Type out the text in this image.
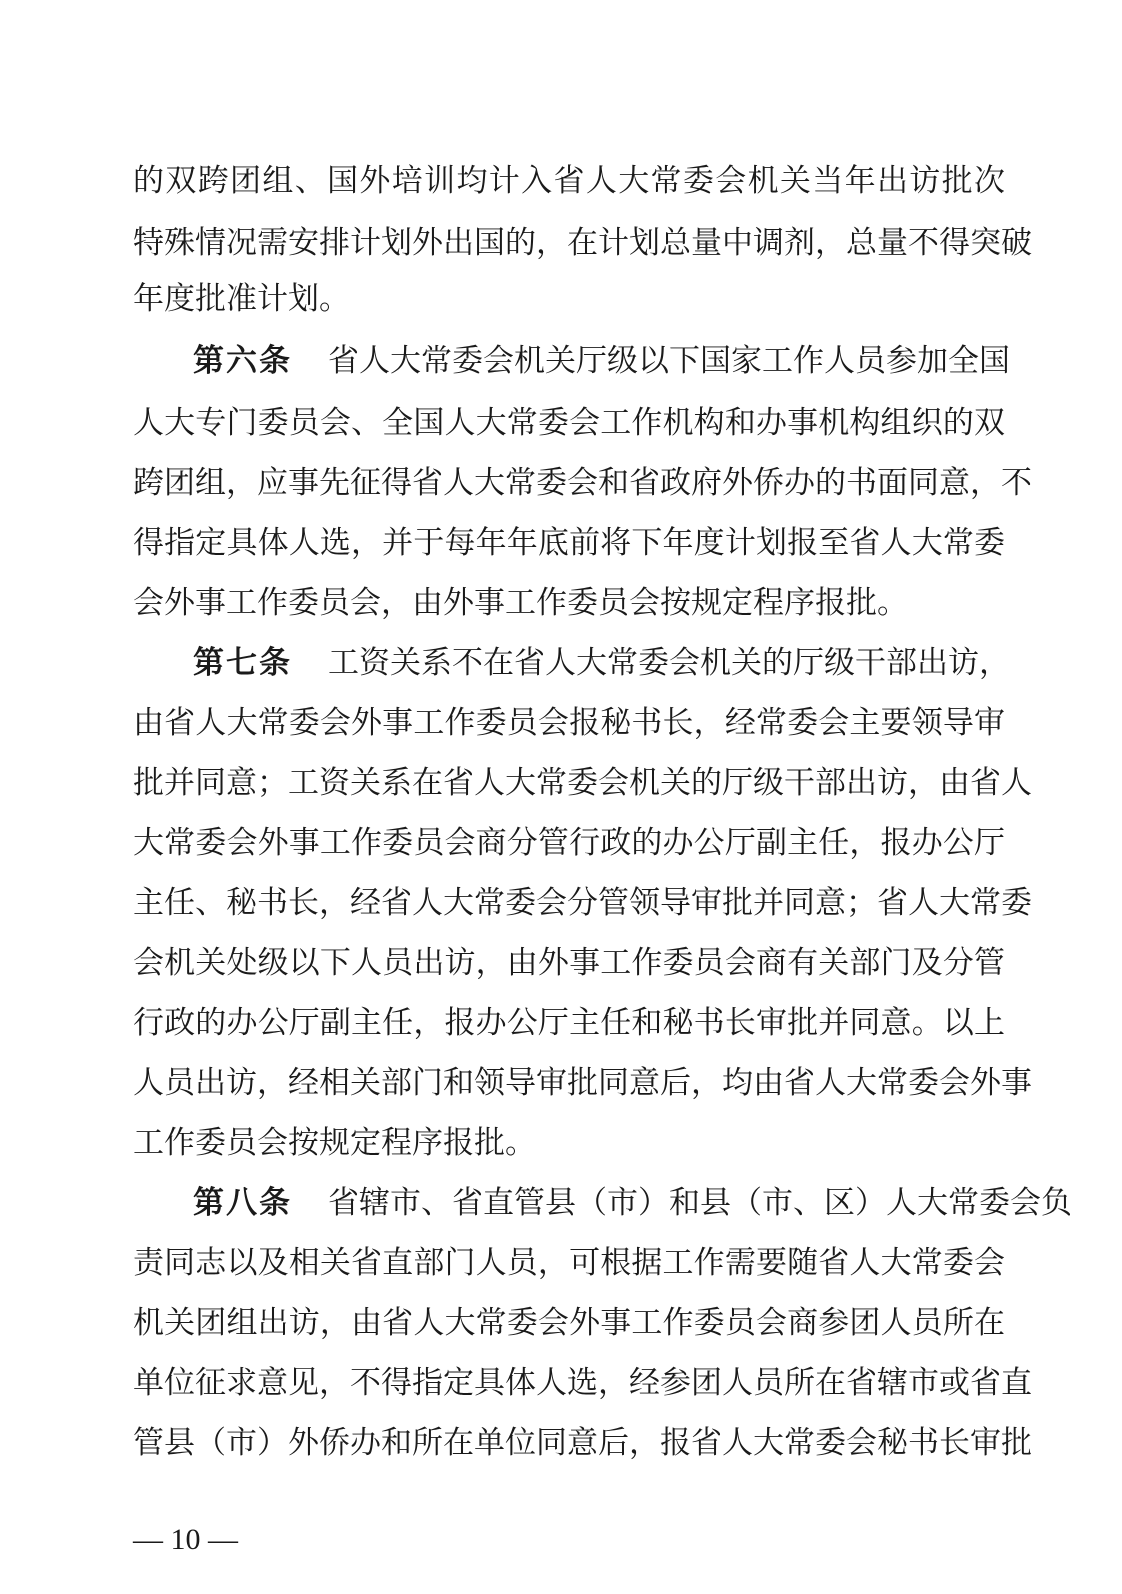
的双跨团组、国外培训均计入省人大常委会机关当年出访批次
特殊情况需安排计划外出国的，在计划总量中调剂，总量不得突破
年度批准计划。
第六条 省人大常委会机关厅级以下国家工作人员参加全国
人大专门委员会、全国人大常委会工作机构和办事机构组织的双
跨团组，应事先征得省人大常委会和省政府外侨办的书面同意，不
得指定具体人选，并于每年年底前将下年度计划报至省人大常委
会外事工作委员会，由外事工作委员会按规定程序报批。
第七条 工资关系不在省人大常委会机关的厅级干部出访，
由省人大常委会外事工作委员会报秘书长，经常委会主要领导审
批并同意；工资关系在省人大常委会机关的厅级干部出访，由省人
大常委会外事工作委员会商分管行政的办公厅副主任，报办公厅
主任、秘书长，经省人大常委会分管领导审批并同意；省人大常委
会机关处级以下人员出访，由外事工作委员会商有关部门及分管
行政的办公厅副主任，报办公厅主任和秘书长审批并同意。以上
人员出访，经相关部门和领导审批同意后，均由省人大常委会外事
工作委员会按规定程序报批。
第八条 省辖市、省直管县（市）和县（市、区）人大常委会负
责同志以及相关省直部门人员，可根据工作需要随省人大常委会
机关团组出访，由省人大常委会外事工作委员会商参团人员所在
单位征求意见，不得指定具体人选，经参团人员所在省辖市或省直
管县（市）外侨办和所在单位同意后，报省人大常委会秘书长审批
— 10 —
